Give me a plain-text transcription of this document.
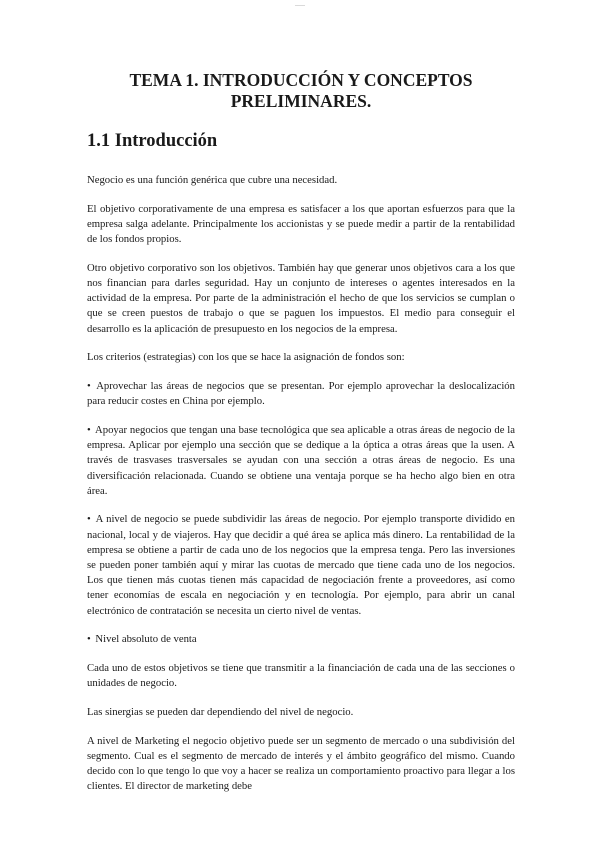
____
TEMA 1. INTRODUCCIÓN Y CONCEPTOS
PRELIMINARES.
1.1 Introducción

Negocio es una función genérica que cubre una necesidad.

El objetivo corporativamente de una empresa es satisfacer a los que aportan esfuerzos para que la empresa salga adelante. Principalmente los accionistas y se puede medir a partir de la rentabilidad de los fondos propios.

Otro objetivo corporativo son los objetivos. También hay que generar unos objetivos cara a los que nos financian para darles seguridad. Hay un conjunto de intereses o agentes interesados en la actividad de la empresa. Por parte de la administración el hecho de que los servicios se cumplan o que se creen puestos de trabajo o que se paguen los impuestos. El medio para conseguir el desarrollo es la aplicación de presupuesto en los negocios de la empresa.

Los criterios (estrategias) con los que se hace la asignación de fondos son:

• Aprovechar las áreas de negocios que se presentan. Por ejemplo aprovechar la deslocalización para reducir costes en China por ejemplo.

• Apoyar negocios que tengan una base tecnológica que sea aplicable a otras áreas de negocio de la empresa. Aplicar por ejemplo una sección que se dedique a la óptica a otras áreas que la usen. A través de trasvases trasversales se ayudan con una sección a otras áreas de negocio. Es una diversificación relacionada. Cuando se obtiene una ventaja porque se ha hecho algo bien en otra área.

• A nivel de negocio se puede subdividir las áreas de negocio. Por ejemplo transporte dividido en nacional, local y de viajeros. Hay que decidir a qué área se aplica más dinero. La rentabilidad de la empresa se obtiene a partir de cada uno de los negocios que la empresa tenga. Pero las inversiones se pueden poner también aquí y mirar las cuotas de mercado que tiene cada uno de los negocios. Los que tienen más cuotas tienen más capacidad de negociación frente a proveedores, así como tener economías de escala en negociación y en tecnología. Por ejemplo, para abrir un canal electrónico de contratación se necesita un cierto nivel de ventas.

• Nivel absoluto de venta

Cada uno de estos objetivos se tiene que transmitir a la financiación de cada una de las secciones o unidades de negocio.

Las sinergias se pueden dar dependiendo del nivel de negocio.

A nivel de Marketing el negocio objetivo puede ser un segmento de mercado o una subdivisión del segmento. Cual es el segmento de mercado de interés y el ámbito geográfico del mismo. Cuando decido con lo que tengo lo que voy a hacer se realiza un comportamiento proactivo para llegar a los clientes. El director de marketing debe
